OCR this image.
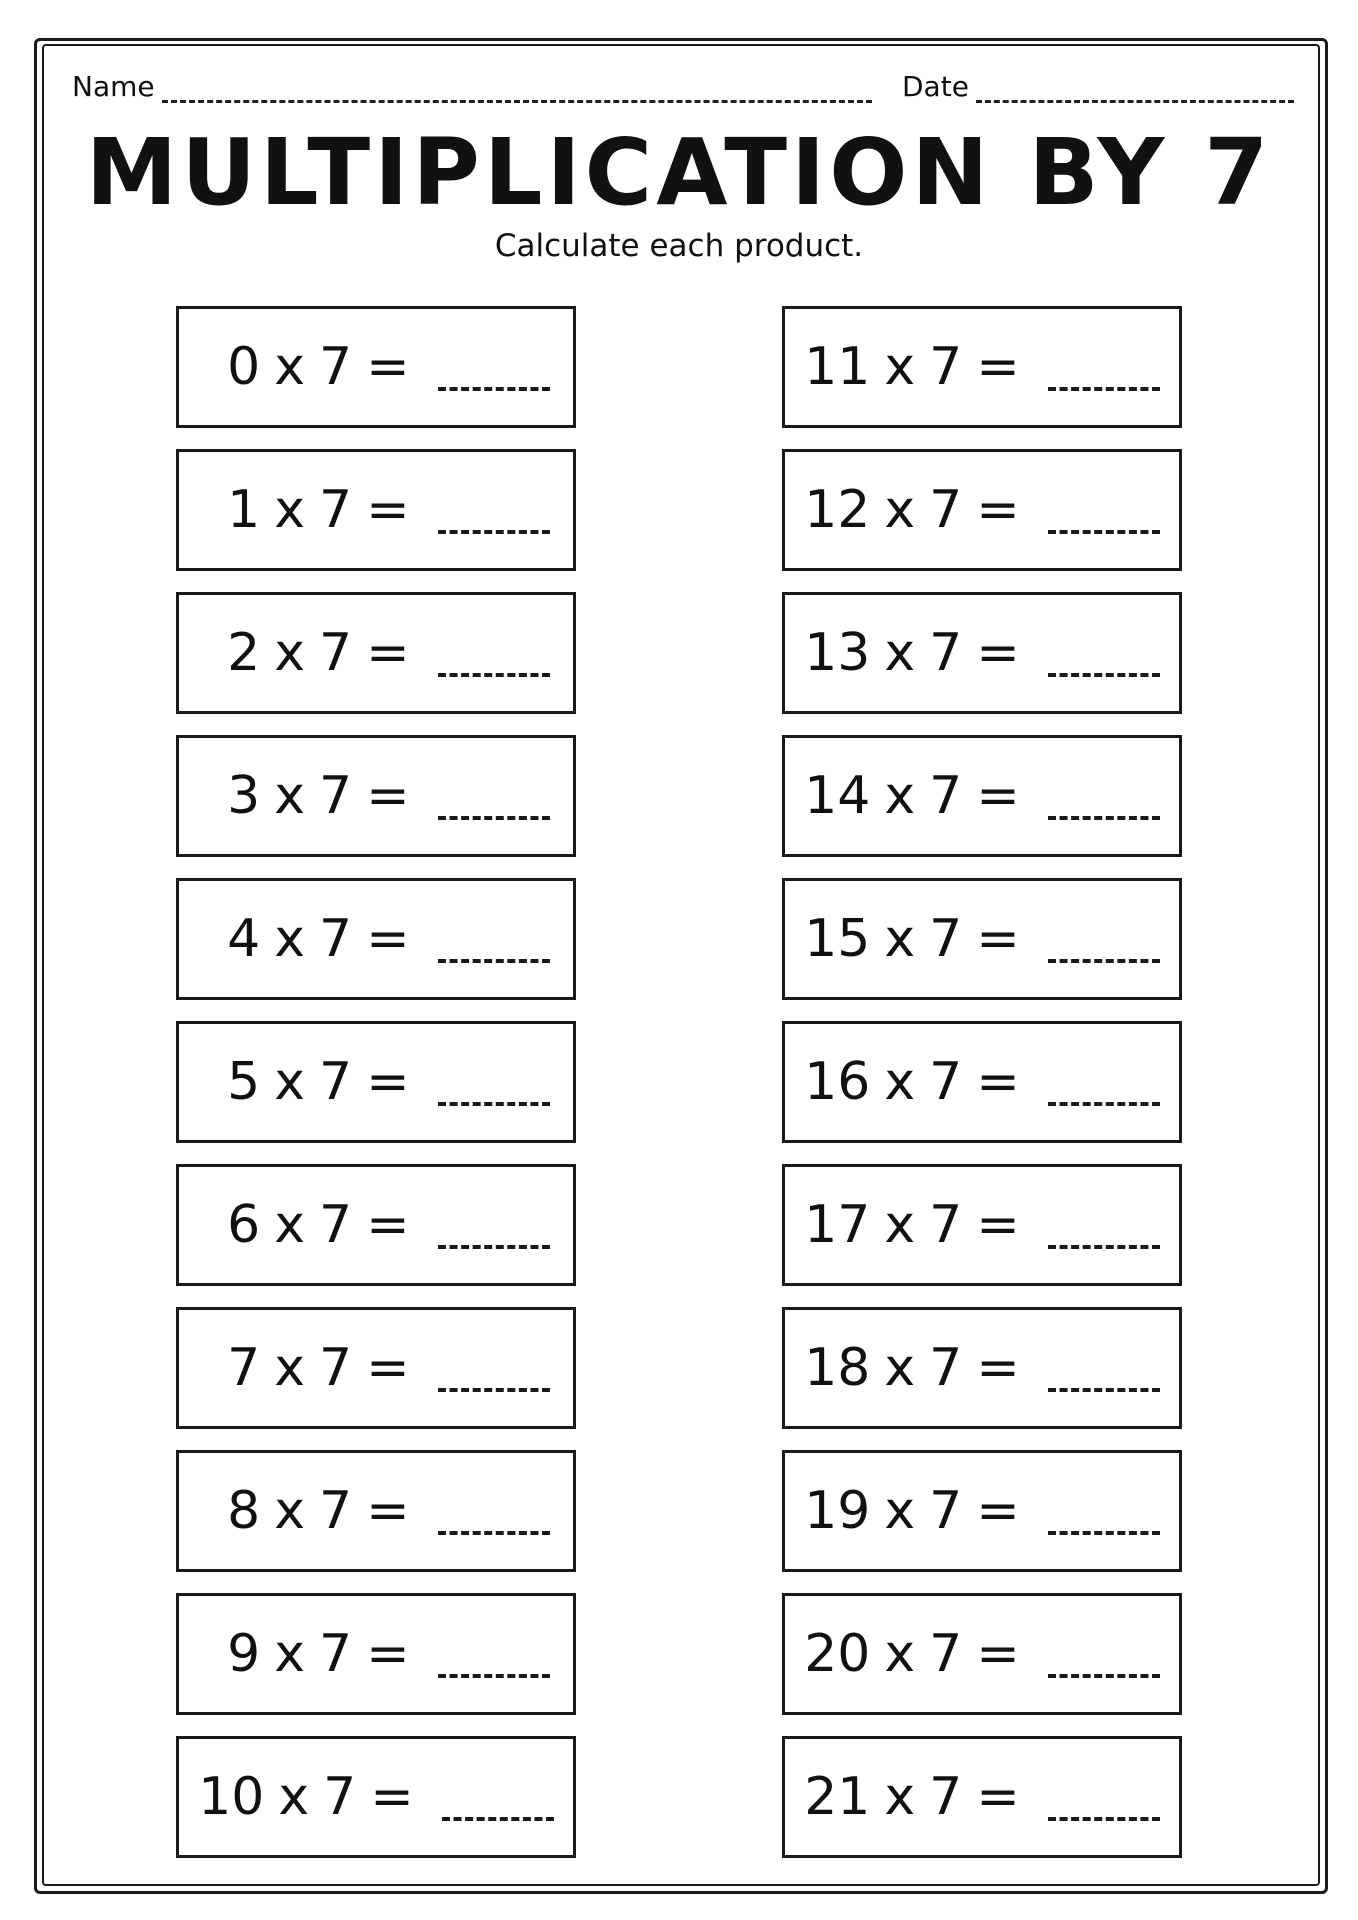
Name	Date
MULTIPLICATION BY 7
Calculate each product.
0 x 7 =
1 x 7 =
2 x 7 =
3 x 7 =
4 x 7 =
5 x 7 =
6 x 7 =
7 x 7 =
8 x 7 =
9 x 7 =
10 x 7 =
11 x 7 =
12 x 7 =
13 x 7 =
14 x 7 =
15 x 7 =
16 x 7 =
17 x 7 =
18 x 7 =
19 x 7 =
20 x 7 =
21 x 7 =
